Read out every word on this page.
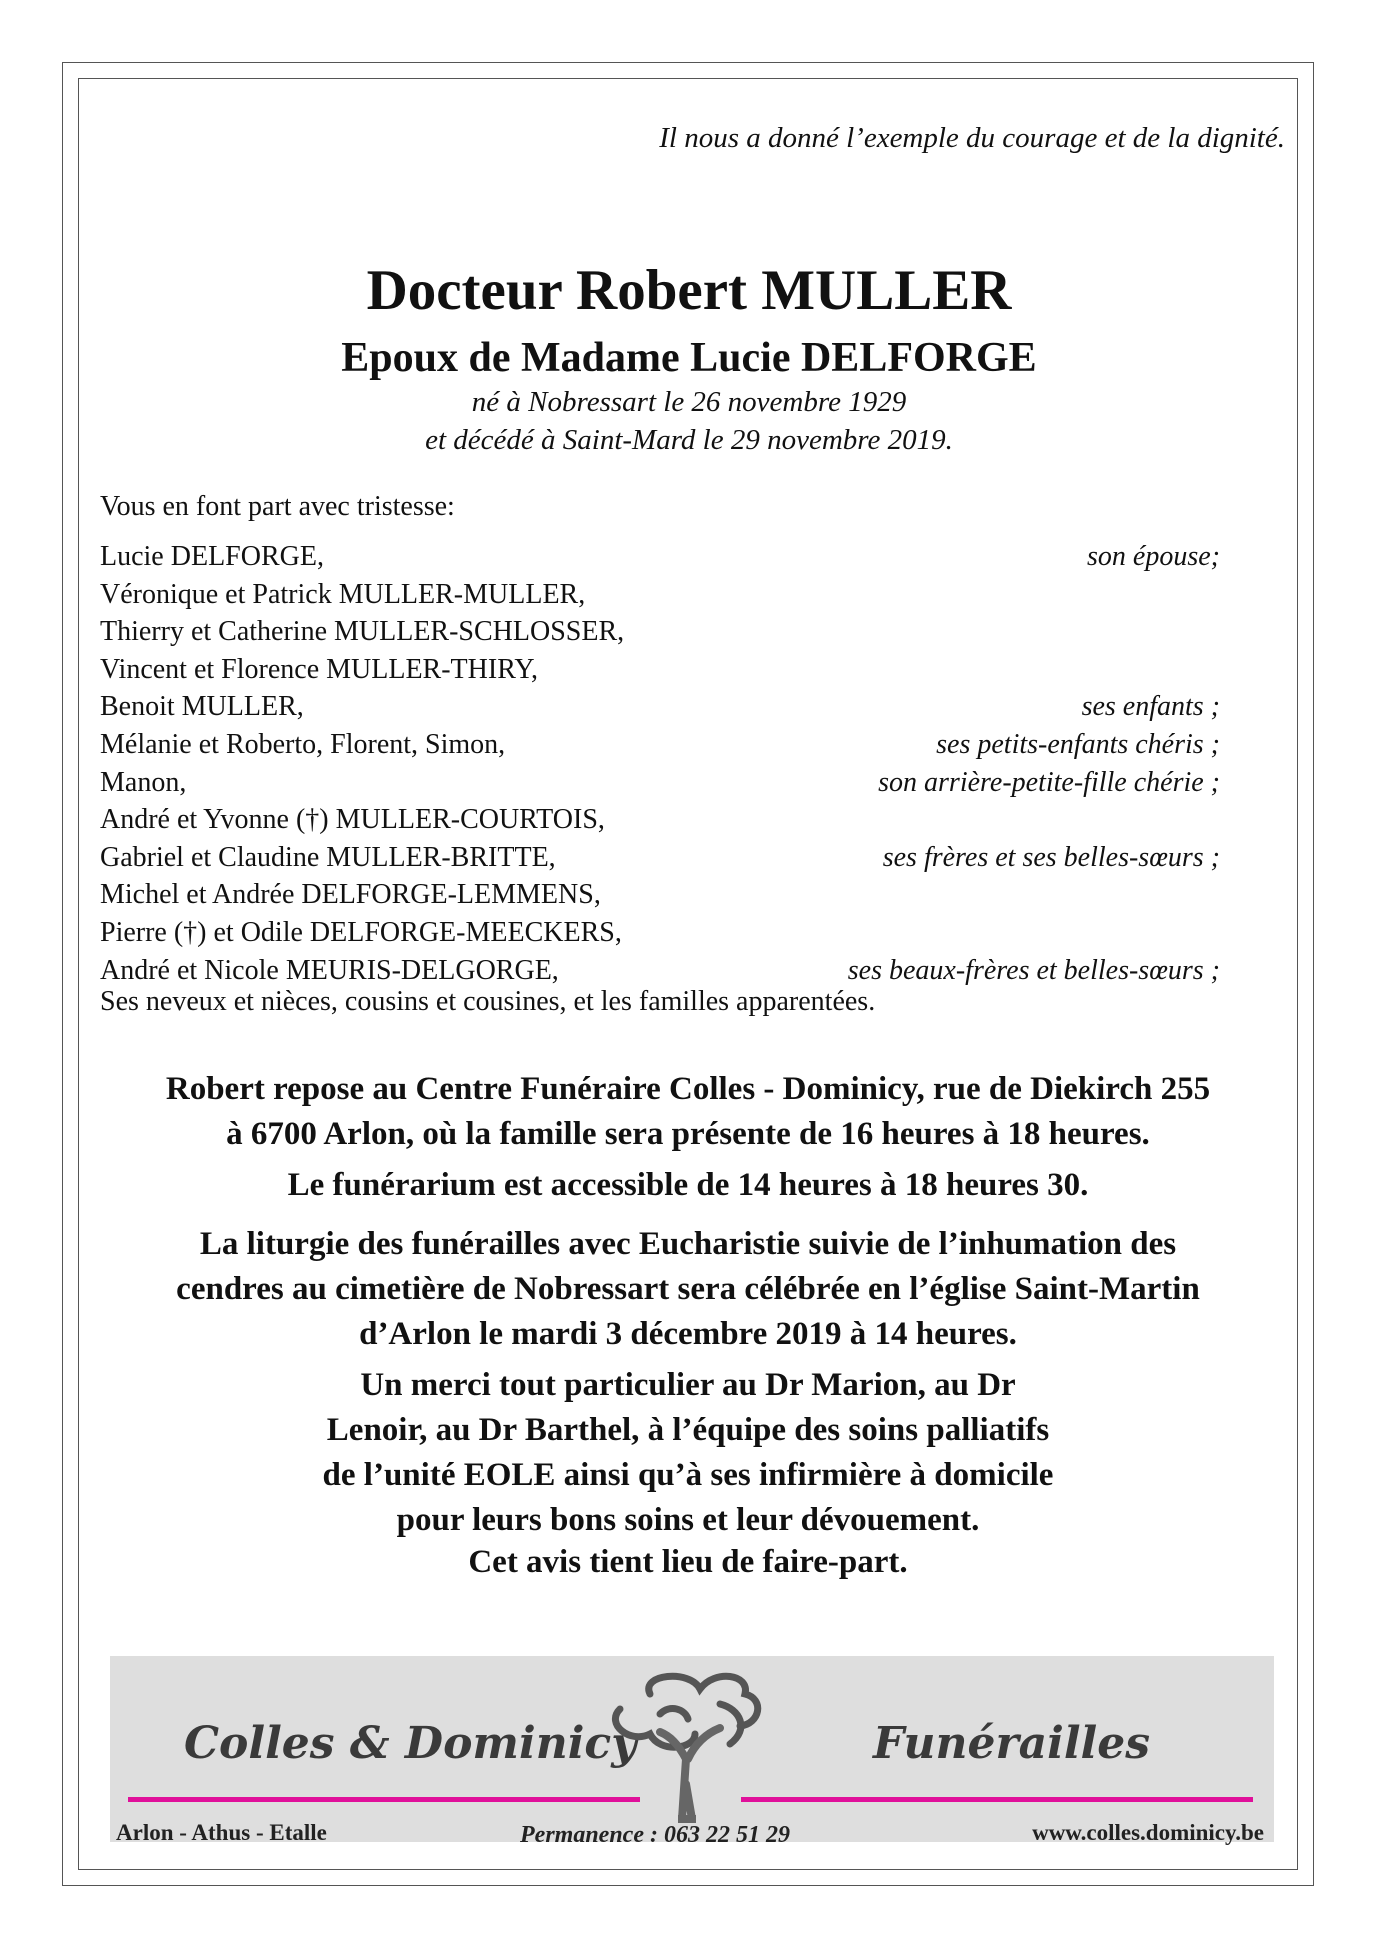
Il nous a donné l’exemple du courage et de la dignité.
Docteur Robert MULLER
Epoux de Madame Lucie DELFORGE
né à Nobressart le 26 novembre 1929
et décédé à Saint-Mard le 29 novembre 2019.
Vous en font part avec tristesse:
Lucie DELFORGE,	son épouse;
Véronique et Patrick MULLER-MULLER,
Thierry et Catherine MULLER-SCHLOSSER,
Vincent et Florence MULLER-THIRY,
Benoit MULLER,	ses enfants ;
Mélanie et Roberto, Florent, Simon,	ses petits-enfants chéris ;
Manon,	son arrière-petite-fille chérie ;
André et Yvonne (†) MULLER-COURTOIS,
Gabriel et Claudine MULLER-BRITTE,	ses frères et ses belles-sœurs ;
Michel et Andrée DELFORGE-LEMMENS,
Pierre (†) et Odile DELFORGE-MEECKERS,
André et Nicole MEURIS-DELGORGE,	ses beaux-frères et belles-sœurs ;
Ses neveux et nièces, cousins et cousines, et les familles apparentées.
Robert repose au Centre Funéraire Colles - Dominicy, rue de Diekirch 255
à 6700 Arlon, où la famille sera présente de 16 heures à 18 heures.
Le funérarium est accessible de 14 heures à 18 heures 30.
La liturgie des funérailles avec Eucharistie suivie de l’inhumation des
cendres au cimetière de Nobressart sera célébrée en l’église Saint-Martin
d’Arlon le mardi 3 décembre 2019 à 14 heures.
Un merci tout particulier au Dr Marion, au Dr
Lenoir, au Dr Barthel, à l’équipe des soins palliatifs
de l’unité EOLE ainsi qu’à ses infirmière à domicile
pour leurs bons soins et leur dévouement.
Cet avis tient lieu de faire-part.
Colles & Dominicy	Funérailles
Arlon - Athus - Etalle	Permanence : 063 22 51 29	www.colles.dominicy.be
